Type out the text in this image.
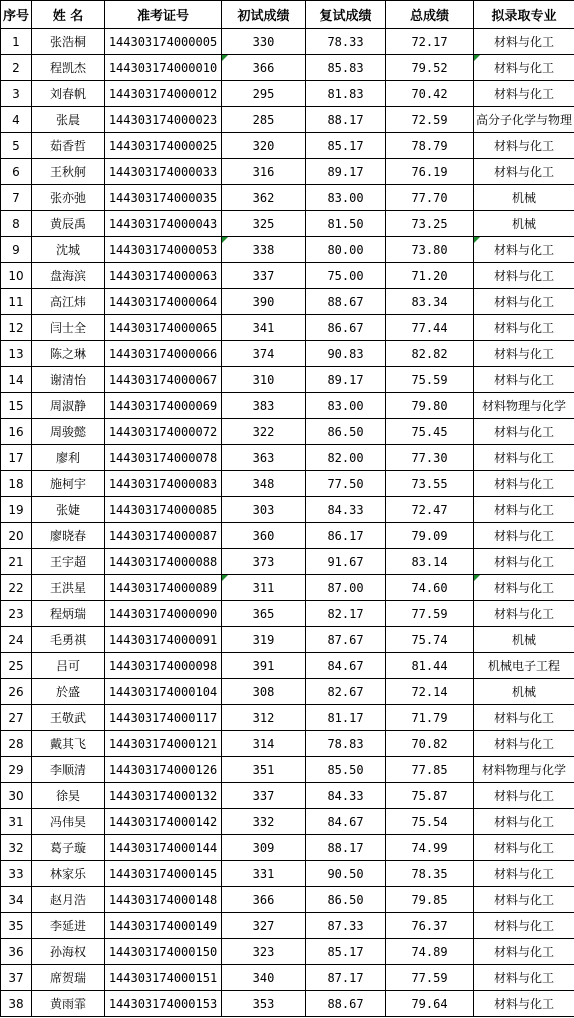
序号	姓 名	准考证号	初试成绩	复试成绩	总成绩	拟录取专业
1	张浩桐	144303174000005	330	78.33	72.17	材料与化工
2	程凯杰	144303174000010	366	85.83	79.52	材料与化工
3	刘春帆	144303174000012	295	81.83	70.42	材料与化工
4	张晨	144303174000023	285	88.17	72.59	高分子化学与物理
5	茹香哲	144303174000025	320	85.17	78.79	材料与化工
6	王秋舸	144303174000033	316	89.17	76.19	材料与化工
7	张亦弛	144303174000035	362	83.00	77.70	机械
8	黄辰禹	144303174000043	325	81.50	73.25	机械
9	沈城	144303174000053	338	80.00	73.80	材料与化工
10	盘海滨	144303174000063	337	75.00	71.20	材料与化工
11	高江炜	144303174000064	390	88.67	83.34	材料与化工
12	闫士全	144303174000065	341	86.67	77.44	材料与化工
13	陈之琳	144303174000066	374	90.83	82.82	材料与化工
14	谢清怡	144303174000067	310	89.17	75.59	材料与化工
15	周淑静	144303174000069	383	83.00	79.80	材料物理与化学
16	周骏懿	144303174000072	322	86.50	75.45	材料与化工
17	廖利	144303174000078	363	82.00	77.30	材料与化工
18	施柯宇	144303174000083	348	77.50	73.55	材料与化工
19	张婕	144303174000085	303	84.33	72.47	材料与化工
20	廖晓春	144303174000087	360	86.17	79.09	材料与化工
21	王宇超	144303174000088	373	91.67	83.14	材料与化工
22	王洪星	144303174000089	311	87.00	74.60	材料与化工
23	程炳瑞	144303174000090	365	82.17	77.59	材料与化工
24	毛勇祺	144303174000091	319	87.67	75.74	机械
25	吕可	144303174000098	391	84.67	81.44	机械电子工程
26	於盛	144303174000104	308	82.67	72.14	机械
27	王敬武	144303174000117	312	81.17	71.79	材料与化工
28	戴其飞	144303174000121	314	78.83	70.82	材料与化工
29	李顺清	144303174000126	351	85.50	77.85	材料物理与化学
30	徐昊	144303174000132	337	84.33	75.87	材料与化工
31	冯伟昊	144303174000142	332	84.67	75.54	材料与化工
32	葛子璇	144303174000144	309	88.17	74.99	材料与化工
33	林家乐	144303174000145	331	90.50	78.35	材料与化工
34	赵月浩	144303174000148	366	86.50	79.85	材料与化工
35	李延进	144303174000149	327	87.33	76.37	材料与化工
36	孙海权	144303174000150	323	85.17	74.89	材料与化工
37	席贺瑞	144303174000151	340	87.17	77.59	材料与化工
38	黄雨霏	144303174000153	353	88.67	79.64	材料与化工
